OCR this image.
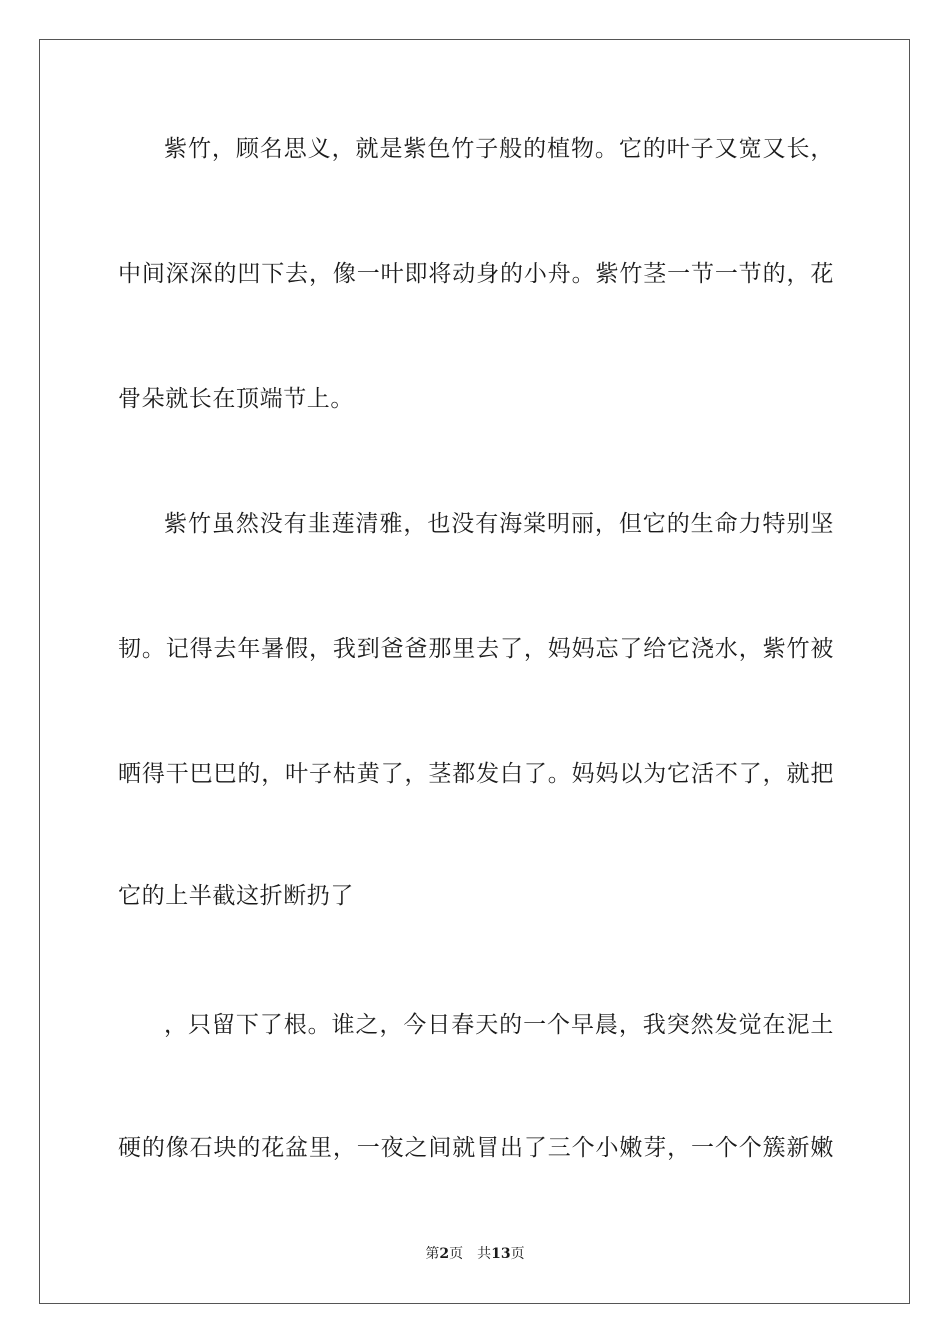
紫竹，顾名思义，就是紫色竹子般的植物。它的叶子又宽又长，
中间深深的凹下去，像一叶即将动身的小舟。紫竹茎一节一节的，花
骨朵就长在顶端节上。
紫竹虽然没有韭莲清雅，也没有海棠明丽，但它的生命力特别坚
韧。记得去年暑假，我到爸爸那里去了，妈妈忘了给它浇水，紫竹被
晒得干巴巴的，叶子枯黄了，茎都发白了。妈妈以为它活不了，就把
它的上半截这折断扔了
，只留下了根。谁之，今日春天的一个早晨，我突然发觉在泥土
硬的像石块的花盆里，一夜之间就冒出了三个小嫩芽，一个个簇新嫩
第2页 共13页
